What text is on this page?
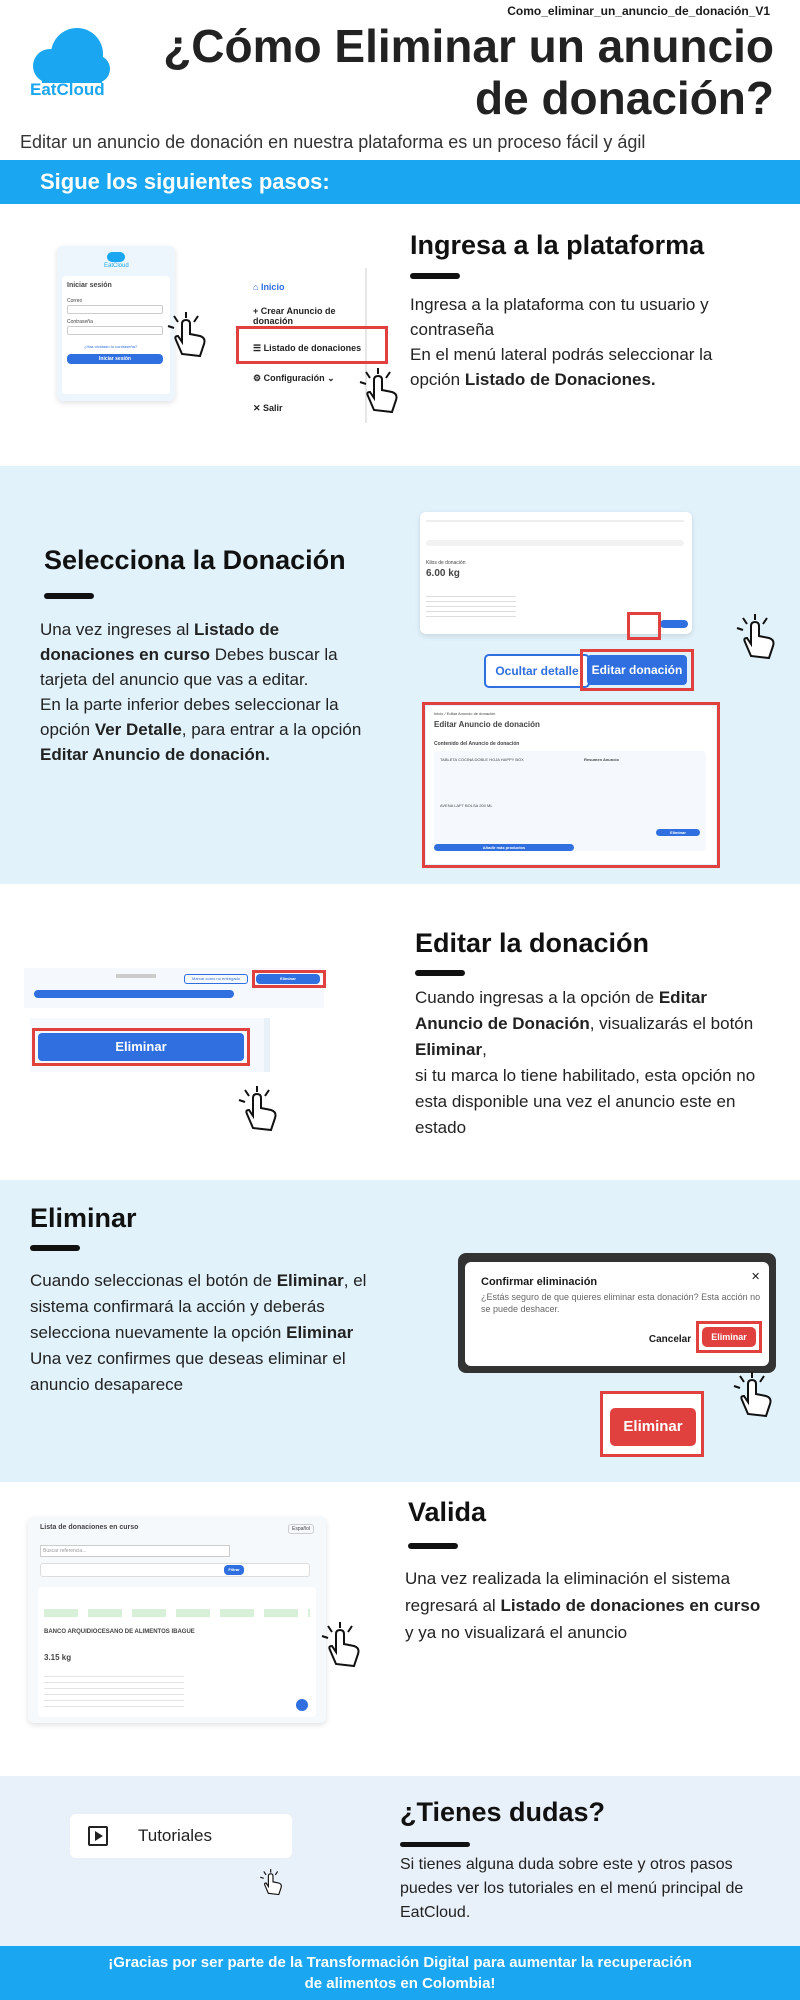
Como_eliminar_un_anuncio_de_donación_V1
EatCloud
¿Cómo Eliminar un anuncio de donación?
Editar un anuncio de donación en nuestra plataforma es un proceso fácil y ágil
Sigue los siguientes pasos:
EatCloud
Iniciar sesión
Correo
Contraseña
¿Has olvidado tu contraseña?
Iniciar sesión
⌂ Inicio
+ Crear Anuncio de donación
☰ Listado de donaciones
⚙ Configuración ⌄
✕ Salir
Ingresa a la plataforma
Ingresa a la plataforma con tu usuario y contraseña
En el menú lateral podrás seleccionar la opción Listado de Donaciones.
Selecciona la Donación
Una vez ingreses al Listado de donaciones en curso Debes buscar la tarjeta del anuncio que vas a editar.
En la parte inferior debes seleccionar la opción Ver Detalle, para entrar a la opción Editar Anuncio de donación.
Kilos de donación
6.00 kg
Ocultar detalle	Editar donación
Inicio / Editar Anuncio de donación
Editar Anuncio de donación
Contenido del Anuncio de donación
TABLETA COCINA DOBLE HOJA HAPPY BOX
AVENA LAFT BOLSA 200 ML
Resumen Anuncio
Eliminar
Añadir más productos
Marcar como no entregado	Eliminar
Eliminar
Editar la donación
Cuando ingresas a la opción de Editar Anuncio de Donación, visualizarás el botón Eliminar,
si tu marca lo tiene habilitado, esta opción no esta disponible una vez el anuncio este en estado
Eliminar
Cuando seleccionas el botón de Eliminar, el sistema confirmará la acción y deberás selecciona nuevamente la opción Eliminar
Una vez confirmes que deseas eliminar el anuncio desaparece
Confirmar eliminación	✕
¿Estás seguro de que quieres eliminar esta donación? Esta acción no se puede deshacer.
Cancelar	Eliminar
Eliminar
Lista de donaciones en curso	Español
Buscar referencia...
Filtrar
BANCO ARQUIDIOCESANO DE ALIMENTOS IBAGUE
3.15 kg
Valida
Una vez realizada la eliminación el sistema regresará al Listado de donaciones en curso y ya no visualizará el anuncio
Tutoriales
¿Tienes dudas?
Si tienes alguna duda sobre este y otros pasos puedes ver los tutoriales en el menú principal de EatCloud.
¡Gracias por ser parte de la Transformación Digital para aumentar la recuperación
de alimentos en Colombia!
